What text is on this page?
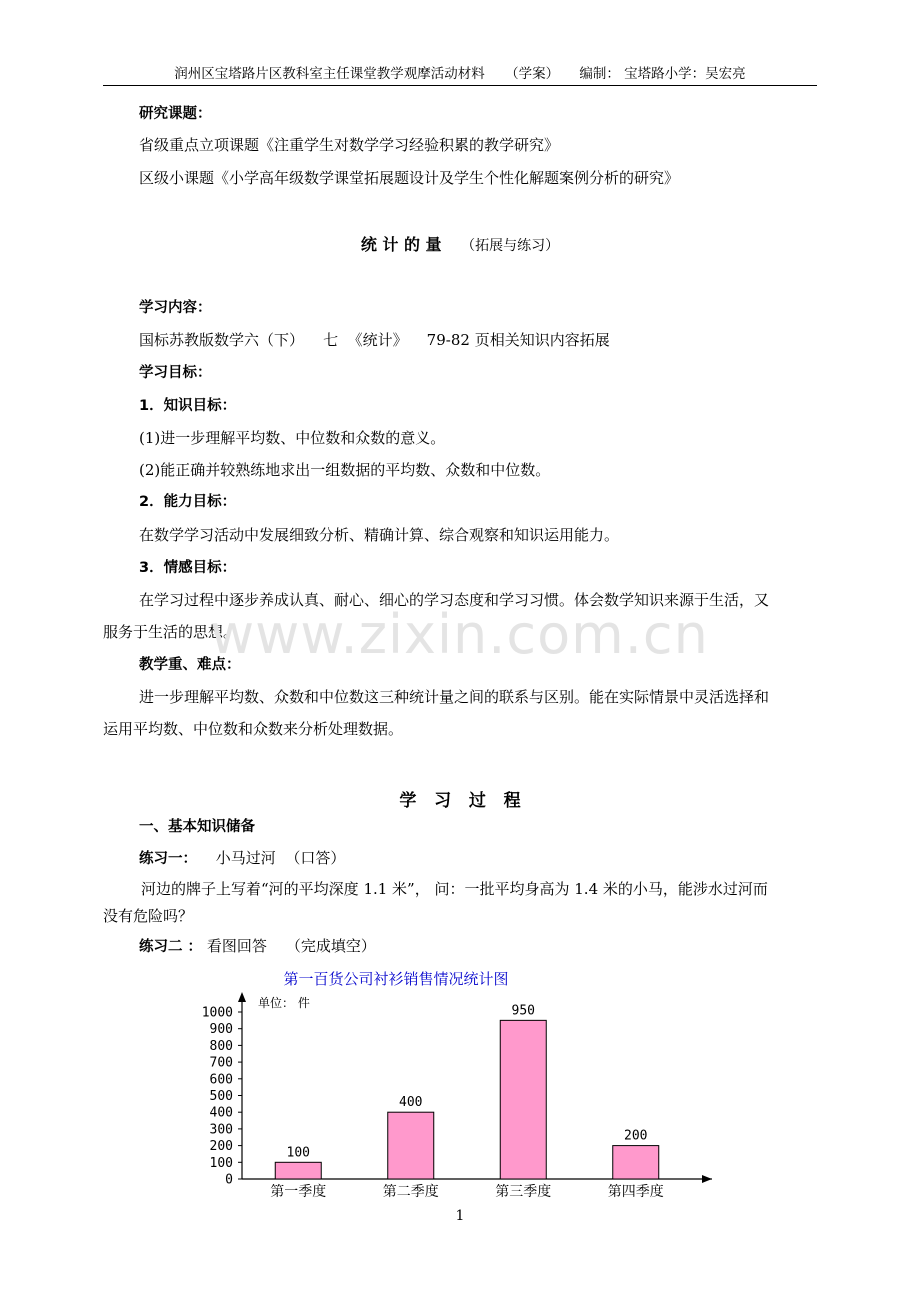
润州区宝塔路片区教科室主任课堂教学观摩活动材料 （学案） 编制： 宝塔路小学：吴宏亮
研究课题：
省级重点立项课题《注重学生对数学学习经验积累的教学研究》
区级小课题《小学高年级数学课堂拓展题设计及学生个性化解题案例分析的研究》
统 计 的 量 （拓展与练习）
学习内容：
国标苏教版数学六（下）    七  《统计》    79-82 页相关知识内容拓展
学习目标：
1．知识目标：
(1)进一步理解平均数、中位数和众数的意义。
(2)能正确并较熟练地求出一组数据的平均数、众数和中位数。
2．能力目标：
在数学学习活动中发展细致分析、精确计算、综合观察和知识运用能力。
3．情感目标：
在学习过程中逐步养成认真、耐心、细心的学习态度和学习习惯。体会数学知识来源于生活，又
服务于生活的思想。
www.zixin.com.cn
教学重、难点：
进一步理解平均数、众数和中位数这三种统计量之间的联系与区别。能在实际情景中灵活选择和
运用平均数、中位数和众数来分析处理数据。
学   习   过   程
一、基本知识储备
练习一： 小马过河  （口答）
河边的牌子上写着“河的平均深度 1.1 米”， 问：一批平均身高为 1.4 米的小马，能涉水过河而
没有危险吗？
练习二 ： 看图回答    （完成填空）
第一百货公司衬衫销售情况统计图
单位： 件
0
100
200
300
400
500
600
700
800
900
1000
100
第一季度
400
第二季度
950
第三季度
200
第四季度
1
